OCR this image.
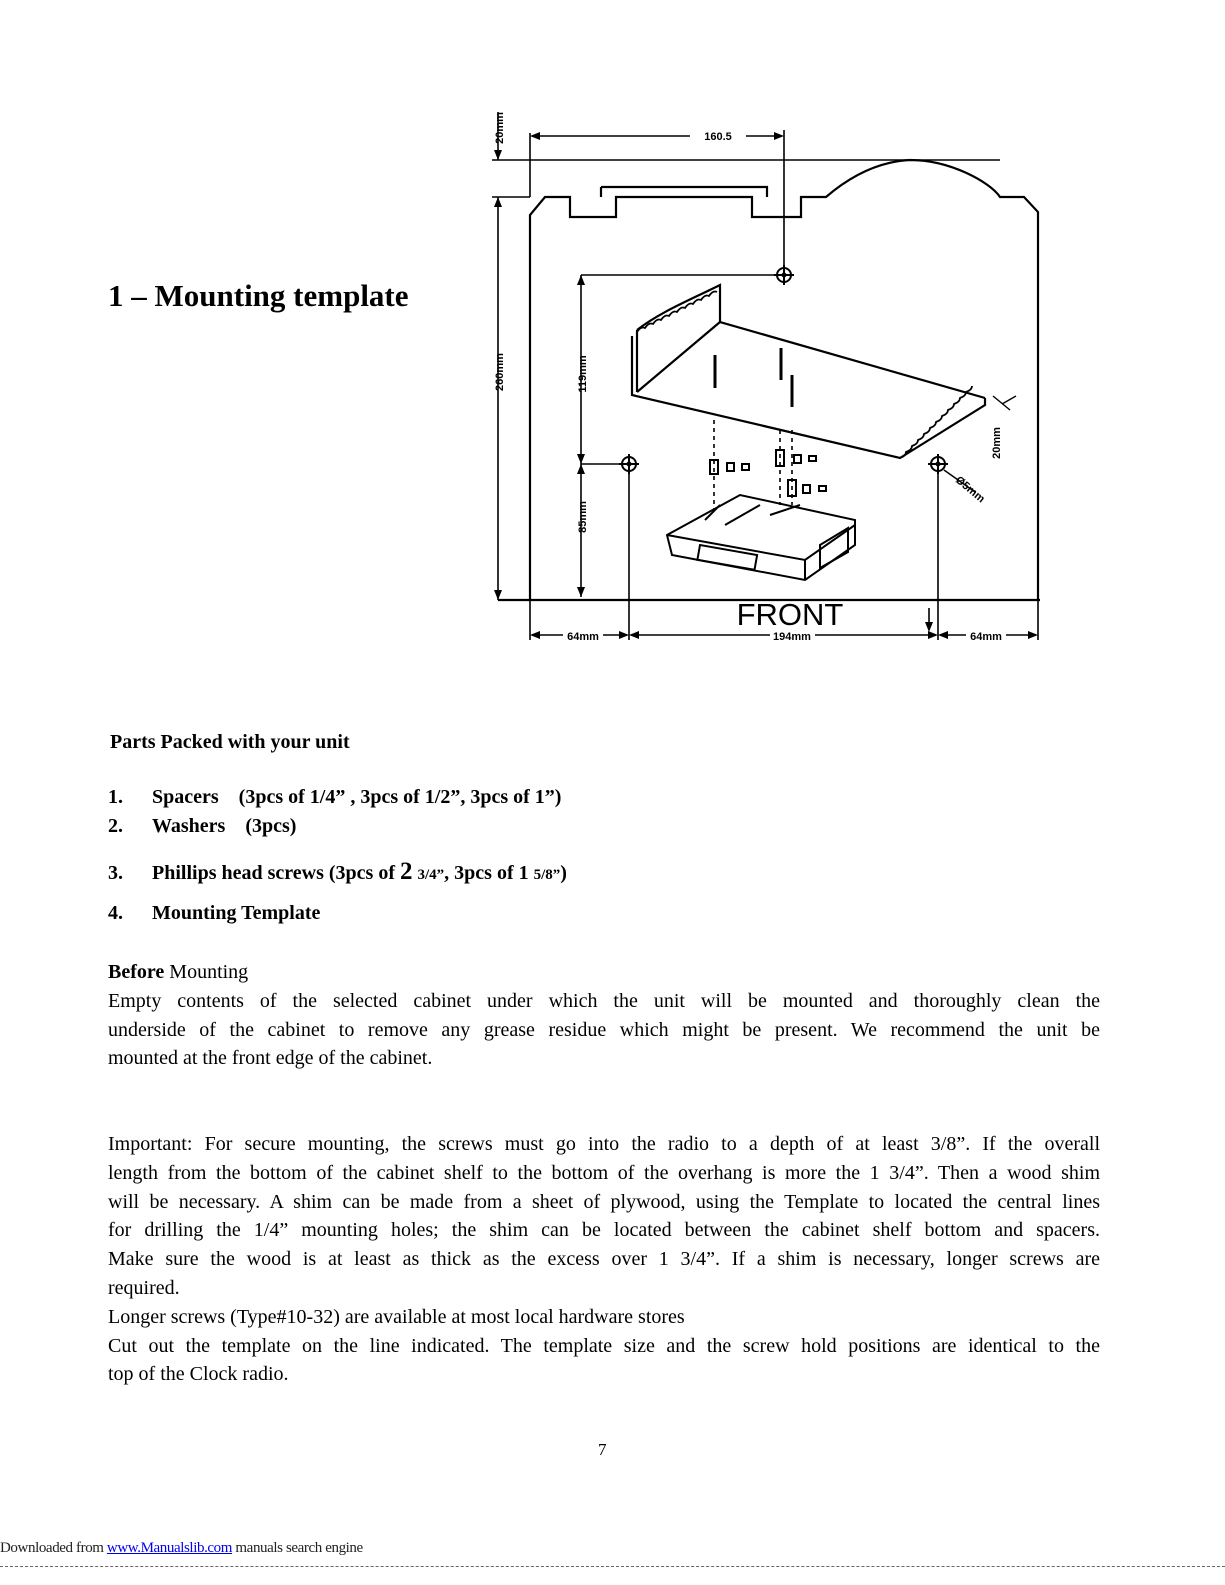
1 – Mounting template
160.5
20mm
260mm	119mm
85mm
20mm
Ø5mm
64mm	194mm	64mm
FRONT
Parts Packed with your unit
1. Spacers (3pcs of 1/4” , 3pcs of 1/2”, 3pcs of 1”)
2. Washers (3pcs)
3. Phillips head screws (3pcs of 2 3/4”, 3pcs of 1 5/8”)
4. Mounting Template
Before Mounting
Empty contents of the selected cabinet under which the unit will be mounted and thoroughly clean the
underside of the cabinet to remove any grease residue which might be present. We recommend the unit be
mounted at the front edge of the cabinet.
Important: For secure mounting, the screws must go into the radio to a depth of at least 3/8”. If the overall
length from the bottom of the cabinet shelf to the bottom of the overhang is more the 1 3/4”. Then a wood shim
will be necessary. A shim can be made from a sheet of plywood, using the Template to located the central lines
for drilling the 1/4” mounting holes; the shim can be located between the cabinet shelf bottom and spacers.
Make sure the wood is at least as thick as the excess over 1 3/4”. If a shim is necessary, longer screws are
required.
Longer screws (Type#10-32) are available at most local hardware stores
Cut out the template on the line indicated. The template size and the screw hold positions are identical to the
top of the Clock radio.
7
Downloaded from www.Manualslib.com manuals search engine
